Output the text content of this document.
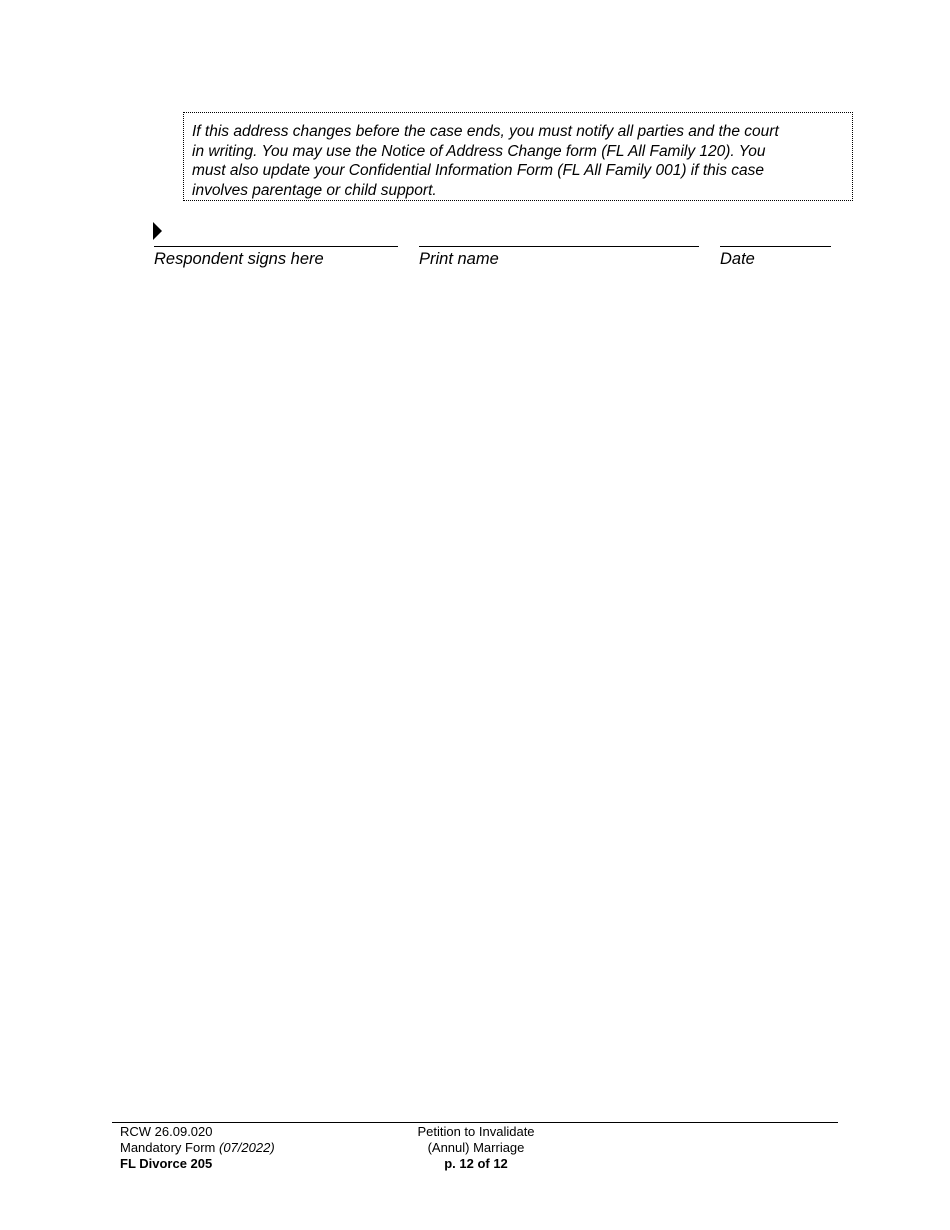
If this address changes before the case ends, you must notify all parties and the court
in writing. You may use the Notice of Address Change form (FL All Family 120). You
must also update your Confidential Information Form (FL All Family 001) if this case
involves parentage or child support.
Respondent signs here	Print name	Date
RCW 26.09.020
Mandatory Form (07/2022)
FL Divorce 205
Petition to Invalidate
(Annul) Marriage
p. 12 of 12
